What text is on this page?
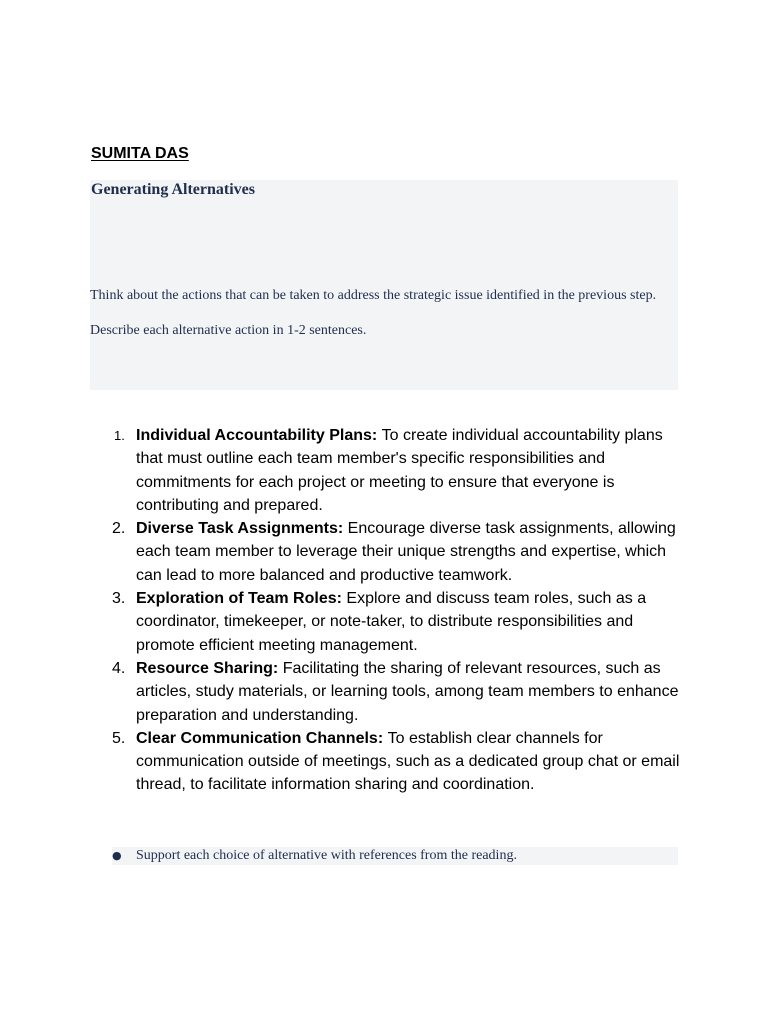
SUMITA DAS

Generating Alternatives

Think about the actions that can be taken to address the strategic issue identified in the previous step. Describe each alternative action in 1-2 sentences.

1. Individual Accountability Plans: To create individual accountability plans that must outline each team member's specific responsibilities and commitments for each project or meeting to ensure that everyone is contributing and prepared.
2. Diverse Task Assignments: Encourage diverse task assignments, allowing each team member to leverage their unique strengths and expertise, which can lead to more balanced and productive teamwork.
3. Exploration of Team Roles: Explore and discuss team roles, such as a coordinator, timekeeper, or note-taker, to distribute responsibilities and promote efficient meeting management.
4. Resource Sharing: Facilitating the sharing of relevant resources, such as articles, study materials, or learning tools, among team members to enhance preparation and understanding.
5. Clear Communication Channels: To establish clear channels for communication outside of meetings, such as a dedicated group chat or email thread, to facilitate information sharing and coordination.
● Support each choice of alternative with references from the reading.
